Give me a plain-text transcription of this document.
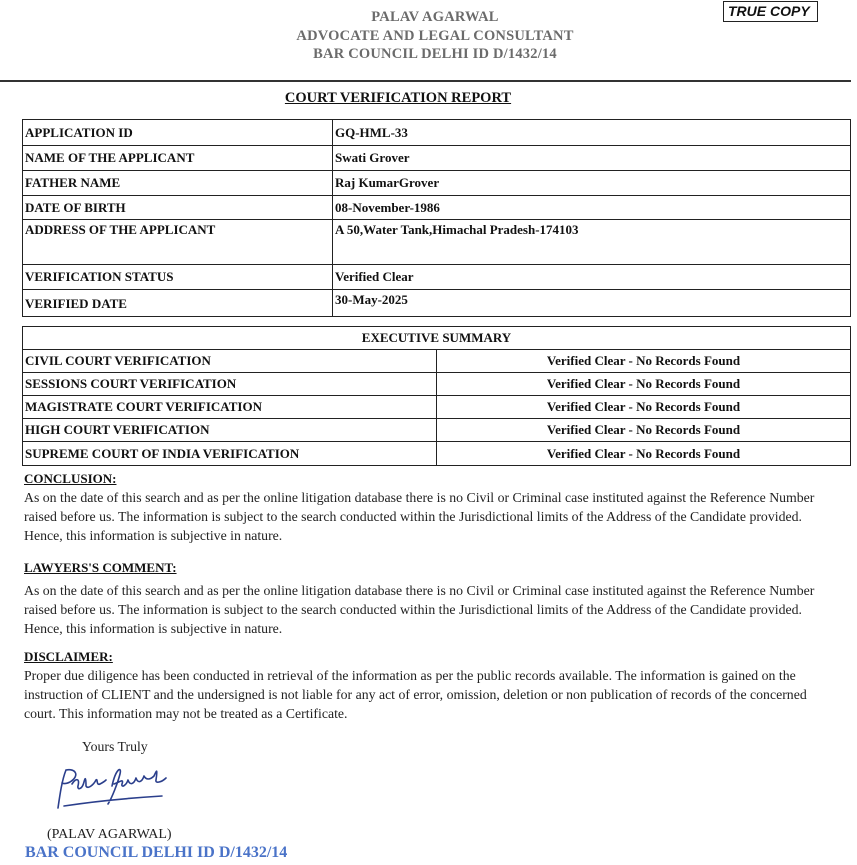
PALAV AGARWAL
ADVOCATE AND LEGAL CONSULTANT
BAR COUNCIL DELHI ID D/1432/14
TRUE COPY
COURT VERIFICATION REPORT
APPLICATION ID	GQ-HML-33
NAME OF THE APPLICANT	Swati Grover
FATHER NAME	Raj KumarGrover
DATE OF BIRTH	08-November-1986
ADDRESS OF THE APPLICANT	A 50,Water Tank,Himachal Pradesh-174103
VERIFICATION STATUS	Verified Clear
VERIFIED DATE	30-May-2025
EXECUTIVE SUMMARY	
CIVIL COURT VERIFICATION	Verified Clear - No Records Found
SESSIONS COURT VERIFICATION	Verified Clear - No Records Found
MAGISTRATE COURT VERIFICATION	Verified Clear - No Records Found
HIGH COURT VERIFICATION	Verified Clear - No Records Found
SUPREME COURT OF INDIA VERIFICATION	Verified Clear - No Records Found
CONCLUSION:
As on the date of this search and as per the online litigation database there is no Civil or Criminal case instituted against the Reference Number raised before us. The information is subject to the search conducted within the Jurisdictional limits of the Address of the Candidate provided. Hence, this information is subjective in nature.
LAWYERS'S COMMENT:
As on the date of this search and as per the online litigation database there is no Civil or Criminal case instituted against the Reference Number raised before us. The information is subject to the search conducted within the Jurisdictional limits of the Address of the Candidate provided. Hence, this information is subjective in nature.
DISCLAIMER:
Proper due diligence has been conducted in retrieval of the information as per the public records available. The information is gained on the instruction of CLIENT and the undersigned is not liable for any act of error, omission, deletion or non publication of records of the concerned court. This information may not be treated as a Certificate.
Yours Truly
(PALAV AGARWAL)
BAR COUNCIL DELHI ID D/1432/14
